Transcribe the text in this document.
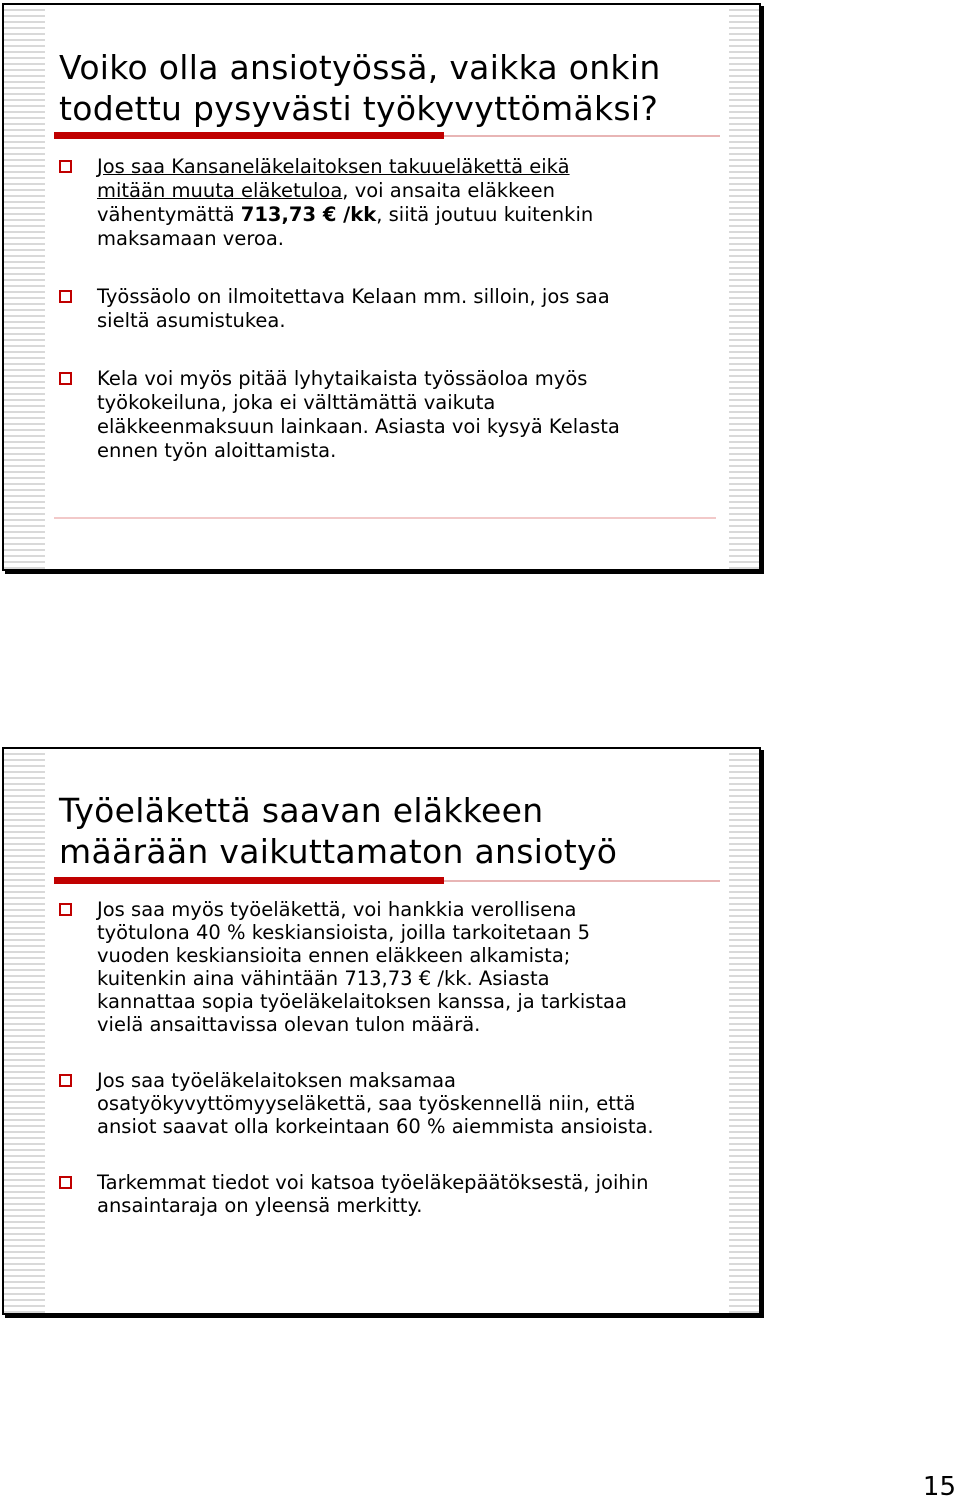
Voiko olla ansiotyössä, vaikka onkin
todettu pysyvästi työkyvyttömäksi?

Jos saa Kansaneläkelaitoksen takuueläkettä eikä
mitään muuta eläketuloa, voi ansaita eläkkeen
vähentymättä 713,73 € /kk, siitä joutuu kuitenkin
maksamaan veroa.

Työssäolo on ilmoitettava Kelaan mm. silloin, jos saa
sieltä asumistukea.

Kela voi myös pitää lyhytaikaista työssäoloa myös
työkokeiluna, joka ei välttämättä vaikuta
eläkkeenmaksuun lainkaan. Asiasta voi kysyä Kelasta
ennen työn aloittamista.

Työeläkettä saavan eläkkeen
määrään vaikuttamaton ansiotyö

Jos saa myös työeläkettä, voi hankkia verollisena
työtulona 40 % keskiansioista, joilla tarkoitetaan 5
vuoden keskiansioita ennen eläkkeen alkamista;
kuitenkin aina vähintään 713,73 € /kk. Asiasta
kannattaa sopia työeläkelaitoksen kanssa, ja tarkistaa
vielä ansaittavissa olevan tulon määrä.

Jos saa työeläkelaitoksen maksamaa
osatyökyvyttömyyseläkettä, saa työskennellä niin, että
ansiot saavat olla korkeintaan 60 % aiemmista ansioista.

Tarkemmat tiedot voi katsoa työeläkepäätöksestä, joihin
ansaintaraja on yleensä merkitty.

15
